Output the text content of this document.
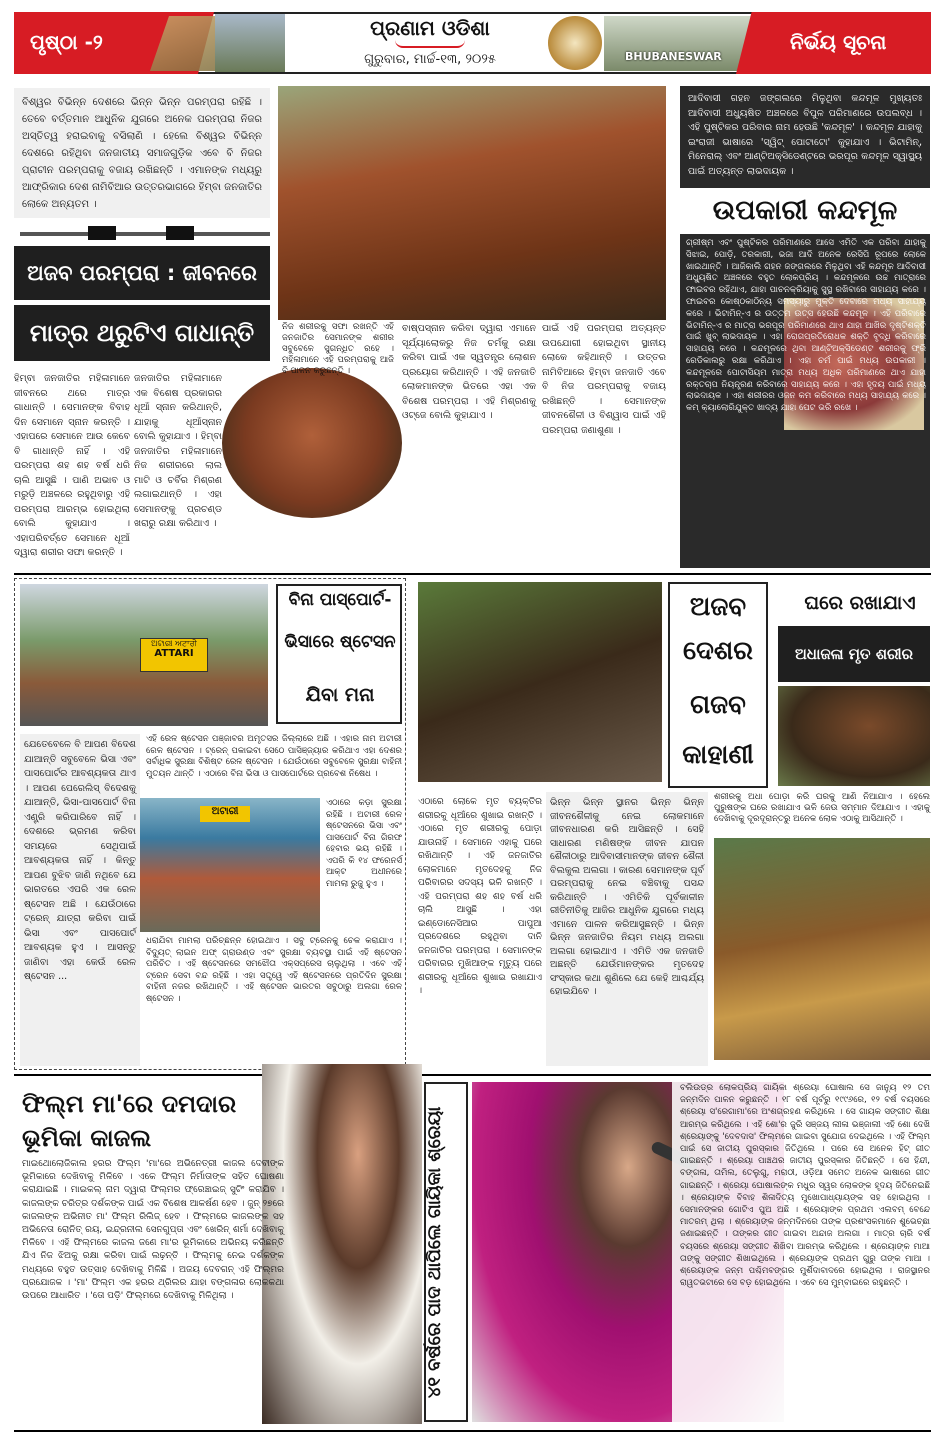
ପୃଷ୍ଠା -୨
ପ୍ରଣାମ ଓଡିଶା
ଗୁରୁବାର, ମାର୍ଚ୍ଚ-୧୩, ୨୦୨୫	BHUBANESWAR
ନିର୍ଭୟ ସୂଚନା
ବିଶ୍ୱର ବିଭିନ୍ନ ଦେଶରେ ଭିନ୍ନ ଭିନ୍ନ ପରମ୍ପରା ରହିଛି । ତେବେ ବର୍ତ୍ତମାନ ଆଧୁନିକ ଯୁଗରେ ଅନେକ ପରମ୍ପରା ନିଜର ଅସ୍ତିତ୍ୱ ହରାଇବାକୁ ବସିଲାଣି । ହେଲେ ବିଶ୍ୱର ବିଭିନ୍ନ ଦେଶରେ ରହିଥିବା ଜନଜାତୀୟ ସମାଜଗୁଡ଼ିକ ଏବେ ବି ନିଜର ପ୍ରାଚୀନ ପରମ୍ପରାକୁ ବଜାୟ ରଖିଛନ୍ତି । ଏମାନଙ୍କ ମଧ୍ୟରୁ ଆଫ୍ରିକାର ଦେଶ ନାମିବିଆର ଉତ୍ତରଭାଗରେ ହିମ୍ବା ଜନଜାତିର ଲୋକେ ଅନ୍ୟତମ ।
ଅଜବ ପରମ୍ପରା : ଜୀବନରେ
ମାତ୍ର ଥରୁଟିଏ ଗାଧାନ୍ତି
ହିମ୍ବା ଜନଜାତିର ମହିଳାମାନେ ଜୀବନରେ ଥରେ ମାତ୍ର ଗାଧାନ୍ତି । ସେମାନଙ୍କ ବିବାହ ଦିନ ସେମାନେ ସ୍ନାନ କରନ୍ତି । ଏହାପରେ ସେମାନେ ଆଉ କେବେ ବି ଗାଧାନ୍ତି ନାହିଁ । ଏହି ପରମ୍ପରା ଶହ ଶହ ବର୍ଷ ଧରି ଚାଲି ଆସୁଛି । ପାଣି ଅଭାବ ଓ ମରୁଡ଼ି ଅଞ୍ଚଳରେ ରହୁଥିବାରୁ ଏହି ପରମ୍ପରା ଆରମ୍ଭ ହୋଇଥିଲା ବୋଲି କୁହାଯାଏ । ଏହାପରିବର୍ତ୍ତେ ସେମାନେ ଧୂଆଁ ଦ୍ୱାରା ଶରୀର ସଫା କରନ୍ତି ।
ଜନଜାତିର ମହିଳାମାନେ ଏକ ବିଶେଷ ପ୍ରକାରର ଧୂଆଁ ସ୍ନାନ କରିଥାନ୍ତି, ଯାହାକୁ ଧୂଆଁସ୍ନାନ ବୋଲି କୁହାଯାଏ । ହିମ୍ବା ଜନଜାତିର ମହିଳାମାନେ ନିଜ ଶରୀରରେ ଲାଲ ମାଟି ଓ ଚର୍ବିର ମିଶ୍ରଣ ଲଗାଇଥାନ୍ତି । ଏହା ସେମାନଙ୍କୁ ପ୍ରଚଣ୍ଡ ଖରାରୁ ରକ୍ଷା କରିଥାଏ ।
ନିଜ ଶରୀରକୁ ସଫା ରଖନ୍ତି ଏହି ଜନଜାତିର ସେମାନଙ୍କ ଶରୀର ସବୁବେଳେ ସୁଗନ୍ଧିତ ରହେ । ମହିଳାମାନେ ଏହି ପରମ୍ପରାକୁ ଆଜି ବି ପାଳନ କରୁଛନ୍ତି ।
ବାଷ୍ପସ୍ନାନ କରିବା ଦ୍ୱାରା ଏମାନେ ସୂର୍ଯ୍ୟାଲୋକରୁ ନିଜ ଚର୍ମକୁ ରକ୍ଷା କରିବା ପାଇଁ ଏକ ସ୍ୱତନ୍ତ୍ର ଲୋଶନ ପ୍ରୟୋଗ କରିଥାନ୍ତି । ଏହି ଜନଜାତି ଲୋକମାନଙ୍କ ଭିତରେ ଏହା ଏକ ବିଶେଷ ପରମ୍ପରା । ଏହି ମିଶ୍ରଣକୁ ଓଟ୍ଜେ ବୋଲି କୁହାଯାଏ ।
ପାଇଁ ଏହି ପରମ୍ପରା ଅତ୍ୟନ୍ତ ଉପଯୋଗୀ ହୋଇଥିବା ସ୍ଥାନୀୟ ଲୋକେ କହିଥାନ୍ତି । ଉତ୍ତର ନାମିବିଆରେ ହିମ୍ବା ଜନଜାତି ଏବେ ବି ନିଜ ପରମ୍ପରାକୁ ବଜାୟ ରଖିଛନ୍ତି । ସେମାନଙ୍କ ଜୀବନଶୈଳୀ ଓ ବିଶ୍ୱାସ ପାଇଁ ଏହି ପରମ୍ପରା ଜଣାଶୁଣା ।
ଆଦିବାସୀ ଗହନ ଜଙ୍ଗଲରେ ମିଳୁଥିବା କନ୍ଦମୂଳ ମୁଖ୍ୟତଃ ଆଦିବାସୀ ଅଧ୍ୟୁଷିତ ଅଞ୍ଚଳରେ ବିପୁଳ ପରିମାଣରେ ଉପଲବ୍ଧ । ଏହି ପୁଷ୍ଟିକର ପରିବାର ନାମ ହେଉଛି 'କନ୍ଦମୂଳ' । କନ୍ଦମୂଳ ଯାହାକୁ ଇଂରାଜୀ ଭାଷାରେ 'ସ୍ୱିଟ୍ ପୋଟାଟୋ' କୁହାଯାଏ । ଭିଟାମିନ୍, ମିନେରାଲ୍ ଏବଂ ଆଣ୍ଟିଅକ୍ସିଡେଣ୍ଟରେ ଭରପୂର କନ୍ଦମୂଳ ସ୍ୱାସ୍ଥ୍ୟ ପାଇଁ ଅତ୍ୟନ୍ତ ଲାଭଦାୟକ ।
ଉପକାରୀ କନ୍ଦମୂଳ
ଗ୍ରୀଷ୍ମ ଏବଂ ପୁଷ୍ଟିକର ପରିମାଣରେ ଆସେ ଏମିତି ଏକ ପରିବା ଯାହାକୁ ସିଝାଇ, ପୋଡ଼ି, ତରକାରୀ, ଭଜା ଆଦି ଅନେକ ରେସିପି ରୂପରେ ଲୋକେ ଖାଇଥାନ୍ତି । ଆଜିକାଲି ଗହନ ଜଙ୍ଗଲରେ ମିଳୁଥିବା ଏହି କନ୍ଦମୂଳ ଆଦିବାସୀ ଅଧ୍ୟୁଷିତ ଅଞ୍ଚଳରେ ବହୁତ ଲୋକପ୍ରିୟ । କନ୍ଦମୂଳରେ ଉଚ୍ଚ ମାତ୍ରାରେ ଫାଇବର ରହିଥାଏ, ଯାହା ପାଚନକ୍ରିୟାକୁ ସୁସ୍ଥ ରଖିବାରେ ସାହାଯ୍ୟ କରେ । ଫାଇବର କୋଷ୍ଠକାଠିନ୍ୟ ସମସ୍ୟାରୁ ମୁକ୍ତି ଦେବାରେ ମଧ୍ୟ ସାହାଯ୍ୟ କରେ । ଭିଟାମିନ୍-ଏ ର ଉତ୍ତମ ଉତ୍ସ ହେଉଛି କନ୍ଦମୂଳ । ଏହି ପରିବାରେ ଭିଟାମିନ୍-ଏ ର ମାତ୍ରା ଭରପୂର ପରିମାଣରେ ଥାଏ ଯାହା ଆଖିର ଦୃଷ୍ଟିଶକ୍ତି ପାଇଁ ଖୁବ୍ ଲାଭଦାୟକ । ଏହା ରୋଗପ୍ରତିରୋଧକ ଶକ୍ତି ବୃଦ୍ଧି କରିବାରେ ସାହାଯ୍ୟ କରେ । କନ୍ଦମୂଳରେ ଥିବା ଆଣ୍ଟିଅକ୍ସିଡେଣ୍ଟ ଶରୀରକୁ ଫ୍ରି ରେଡିକାଲରୁ ରକ୍ଷା କରିଥାଏ । ଏହା ଚର୍ମ ପାଇଁ ମଧ୍ୟ ଉପକାରୀ । କନ୍ଦମୂଳରେ ପୋଟାସିୟମ ମାତ୍ରା ମଧ୍ୟ ଅଧିକ ପରିମାଣରେ ଥାଏ ଯାହା ରକ୍ତଚାପ ନିୟନ୍ତ୍ରଣ କରିବାରେ ସାହାଯ୍ୟ କରେ । ଏହା ହୃଦୟ ପାଇଁ ମଧ୍ୟ ଲାଭଦାୟକ । ଏହା ଶରୀରର ଓଜନ କମ କରିବାରେ ମଧ୍ୟ ସାହାଯ୍ୟ କରେ । କମ୍ କ୍ୟାଲୋରିଯୁକ୍ତ ଖାଦ୍ୟ ଯାହା ପେଟ ଭରି ରଖେ ।
ଅଟାରୀ ਅਟਾਰੀ
ATTARI
ବିନା ପାସ୍‌ପୋର୍ଟ-
ଭିସାରେ ଷ୍ଟେସନ
ଯିବା ମନା
ଯେତେବେଳେ ବି ଆପଣ ବିଦେଶ ଯାଆନ୍ତି ସବୁବେଳେ ଭିସା ଏବଂ ପାସପୋର୍ଟର ଆବଶ୍ୟକତା ଥାଏ । ଆପଣ ପେରେଲିସ୍ ବିଦେଶକୁ ଯାଆନ୍ତି, ଭିସା-ପାସପୋର୍ଟ ବିନା ଏଣ୍ଟ୍ରି କରିପାରିବେ ନାହିଁ । ଦେଶରେ ଭ୍ରମଣ କରିବା ସମୟରେ ସେଥିପାଇଁ ଆବଶ୍ୟକତା ନାହିଁ । କିନ୍ତୁ ଆପଣ ବୁଝିବ ଜାଣି ନଥିବେ ଯେ ଭାରତରେ ଏପରି ଏକ ରେଳ ଷ୍ଟେସନ ଅଛି । ଯେଉଁଠାରେ ଟ୍ରେନ୍ ଯାତ୍ରା କରିବା ପାଇଁ ଭିସା ଏବଂ ପାସପୋର୍ଟ ଆବଶ୍ୟକ ହୁଏ । ଆସନ୍ତୁ ଜାଣିବା ଏହା କେଉଁ ରେଳ ଷ୍ଟେସନ ...
ଏହି ରେଳ ଷ୍ଟେସନ ପଞ୍ଜାବର ଅମୃତସର ଜିଲ୍ଲାରେ ଅଛି । ଏହାର ନାମ ଅଟାରୀ ରେଳ ଷ୍ଟେସନ । ଟ୍ରେନ୍ ପକାଇବା ସେଠେ ପାସିଞ୍ଜ୍ୟାର କରିଥାଏ ଏହା ଦେଶର ସର୍ବାଧିକ ସୁରକ୍ଷା ବିଶିଷ୍ଟ ରେଳ ଷ୍ଟେସନ । ଯେଉଁଠାରେ ସବୁବେଳେ ସୁରକ୍ଷା ବାହିନୀ ମୁତୟନ ଥାନ୍ତି । ଏଠାରେ ବିନା ଭିସା ଓ ପାସପୋର୍ଟରେ ପ୍ରବେଶ ନିଷେଧ ।
ଅଟାରୀ
ଏଠାରେ କଡ଼ା ସୁରକ୍ଷା ରହିଛି । ଅଟାରୀ ରେଳ ଷ୍ଟେସନରେ ଭିସା ଏବଂ ପାସପୋର୍ଟ ବିନା ଗିରଫ ହେବାର ଭୟ ରହିଛି । ଏପରି କି ୧୪ ଫରେନର୍ସ ଆକ୍ଟ ଅଧୀନରେ ମାମଲା ରୁଜୁ ହୁଏ ।
ଧରାଯିବା ମାମଲା ପରିଚ୍ଛନ୍ନ ହୋଇଥାଏ । ସବୁ ଟ୍ରେନକୁ ଚେକ କରାଯାଏ । ବିଦ୍ୟୁତ୍ ଲାଇନ ଅଫ୍ ଗ୍ରାଉଣ୍ଡ ଏବଂ ସୁରକ୍ଷା ବ୍ୟବସ୍ଥା ପାଇଁ ଏହି ଷ୍ଟେସନ ପରିଚିତ । ଏହି ଷ୍ଟେସନରେ ସମଝୌତା ଏକ୍ସପ୍ରେସ ଚାଲୁଥିଲା । ଏବେ ଏହି ଟ୍ରେନ ସେବା ବନ୍ଦ ରହିଛି । ଏହା ସତ୍ତ୍ୱେ ଏହି ଷ୍ଟେସନରେ ପ୍ରତିଦିନ ସୁରକ୍ଷା ବାହିନୀ ନଜର ରଖିଥାନ୍ତି । ଏହି ଷ୍ଟେସନ ଭାରତର ସବୁଠାରୁ ଅଲଗା ରେଳ ଷ୍ଟେସନ ।
ଅଜବ
ଦେଶର
ଗଜବ
କାହାଣୀ
ଘରେ ରଖାଯାଏ
ଅଧାଜଳା ମୃତ ଶରୀର
ଏଠାରେ ଲୋକେ ମୃତ ବ୍ୟକ୍ତିର ଶରୀରକୁ ଧୂଆଁରେ ଶୁଖାଇ ରଖନ୍ତି । ଏଠାରେ ମୃତ ଶରୀରକୁ ପୋଡ଼ା ଯାଉନାହିଁ । ସେମାନେ ଏହାକୁ ଘରେ ରଖିଥାନ୍ତି । ଏହି ଜନଜାତିର ଲୋକମାନେ ମୃତଦେହକୁ ନିଜ ପରିବାରର ସଦସ୍ୟ ଭଳି ରଖନ୍ତି । ଏହି ପରମ୍ପରା ଶହ ଶହ ବର୍ଷ ଧରି ଚାଲି ଆସୁଛି । ଏହା ଇଣ୍ଡୋନେସିଆର ପାପୁଆ ପ୍ରଦେଶରେ ରହୁଥିବା ଦାନି ଜନଜାତିର ପରମ୍ପରା । ସେମାନଙ୍କ ପରିବାରର ମୁଖିଆଙ୍କ ମୃତ୍ୟୁ ପରେ ଶରୀରକୁ ଧୂଆଁରେ ଶୁଖାଇ ରଖାଯାଏ ।
ଭିନ୍ନ ଭିନ୍ନ ସ୍ଥାନର ଭିନ୍ନ ଭିନ୍ନ ଜୀବନଶୈଳୀକୁ ନେଇ ଲୋକମାନେ ଜୀବନଧାରଣ କରି ଆସିଛନ୍ତି । ସେହି ସାଧାରଣ ମଣିଷଙ୍କ ଜୀବନ ଯାପନ ଶୈଳୀଠାରୁ ଆଦିବାସୀମାନଙ୍କ ଜୀବନ ଶୈଳୀ ବିଲକୁଲ ଅଲଗା । କାରଣ ସେମାନଙ୍କ ପୂର୍ବ ପରମ୍ପରାକୁ ନେଇ ବଞ୍ଚିବାକୁ ପସନ୍ଦ କରିଥାନ୍ତି । ଏମିତିକି ପୂର୍ବକାଳୀନ ରୀତିନୀତିକୁ ଆଜିର ଆଧୁନିକ ଯୁଗରେ ମଧ୍ୟ ଏମାନେ ପାଳନ କରିଆସୁଛନ୍ତି । ଭିନ୍ନ ଭିନ୍ନ ଜନଜାତିର ନିୟମ ମଧ୍ୟ ଅଲଗା ଅଲଗା ହୋଇଥାଏ । ଏମିତି ଏକ ଜନଜାତି ଅଛନ୍ତି ଯେଉଁମାନଙ୍କର ମୃତଦେହ ସଂସ୍କାର କଥା ଶୁଣିଲେ ଯେ କେହି ଆଶ୍ଚର୍ଯ୍ୟ ହୋଇଯିବେ ।
ଶରୀରକୁ ଅଧା ପୋଡ଼ା କରି ଘରକୁ ଆଣି ନିଆଯାଏ । ହେଲେ ପୁରୁଷଙ୍କ ଘରେ ରଖାଯାଏ ଭଳି ଜେଉ ସମ୍ମାନ ଦିଆଯାଏ । ଏହାକୁ ଦେଖିବାକୁ ଦୂରଦୂରାନ୍ତରୁ ଅନେକ ଲୋକ ଏଠାକୁ ଆସିଥାନ୍ତି ।
ଫିଲ୍ମ ମା'ରେ ଦମଦାର
ଭୂମିକା କାଜଲ
ମାଇଥୋଲୋଜିକାଲ ହରର ଫିଲ୍ମ 'ମା'ରେ ଅଭିନେତ୍ରୀ କାଜଲ ଦେବୀଙ୍କ ଭୂମିକାରେ ଦେଖିବାକୁ ମିଳିବେ । ଏକେ ଫିଲ୍ମ ନିର୍ମାତାଙ୍କ ସହିତ ଘୋଷଣା କରାଯାଇଛି । ମାଇକଲ୍ ନାମ ଦ୍ୱାରା ଫିଲ୍ମର ଫ୍ରେଞ୍ଚାଇଜ୍ ସୁଟିଂ କରାଯିବ । କାଜଲଙ୍କ ଚରିତ୍ର ଦର୍ଶକଙ୍କ ପାଇଁ ଏକ ବିଶେଷ ଆକର୍ଷଣ ହେବ । ଜୁନ୍ ୨୭ରେ କାଜଲଙ୍କ ଅଭିନୀତ ମା' ଫିଲ୍ମ ରିଲିଜ୍ ହେବ । ଫିଲ୍ମରେ କାଜଲଙ୍କ ସହ ଅଭିନେତା ରୋନିତ୍ ରୟ, ଇନ୍ଦ୍ରନୀଲ ସେନଗୁପ୍ତା ଏବଂ ଖେରିନ୍ ଶର୍ମା ଦେଖିବାକୁ ମିଳିବେ । ଏହି ଫିଲ୍ମରେ କାଜଲ ଜଣେ ମା'ର ଭୂମିକାରେ ଅଭିନୟ କରିଛନ୍ତି ଯିଏ ନିଜ ଝିଅକୁ ରକ୍ଷା କରିବା ପାଇଁ ଲଢ଼ନ୍ତି । ଫିଲ୍ମକୁ ନେଇ ଦର୍ଶକଙ୍କ ମଧ୍ୟରେ ବହୁତ ଉତ୍ସାହ ଦେଖିବାକୁ ମିଳିଛି । ଅଜୟ ଦେବଗନ୍ ଏହି ଫିଲ୍ମର ପ୍ରଯୋଜକ । 'ମା' ଫିଲ୍ମ ଏକ ହରର ଥ୍ରିଲର ଯାହା ବଙ୍ଗଳାର ଲୋକକଥା ଉପରେ ଆଧାରିତ । 'ତୋ ପଡ଼ି' ଫିଲ୍ମରେ ଦେଖିବାକୁ ମିଳିଥିଲା ।	୪୧ ବର୍ଷରେ ପାଦ ଥାପିଲେ ଗାୟିକା ଶ୍ରେୟା
ବଲିଉଡ୍‌ର ଲୋକପ୍ରିୟ ଗାୟିକା ଶ୍ରେୟା ଘୋଷାଲ ସେ ଜାନ୍ୟୁ ୧୨ ତମ ଜନ୍ମଦିନ ପାଳନ କରୁଛନ୍ତି । ୧୮ ବର୍ଷ ପୂର୍ବରୁ ୧୯୯୬ରେ, ୧୨ ବର୍ଷ ବୟସରେ ଶ୍ରେୟା ସ'ରେଗାମା'ରେ ଅଂଶଗ୍ରହଣ କରିଥିଲେ । ସେ ଗାୟକ ସଙ୍ଗୀତ ଶିକ୍ଷା ଆରମ୍ଭ କରିଥିଲେ । ଏହି ଶୋ'ର ଜୁରି ସଞ୍ଜୟ ଲୀଳା ଭଞ୍ଜାଲୀ ଏହି ଶୋ ଦେଖି ଶ୍ରେୟାଙ୍କୁ 'ଦେବଦାସ' ଫିଲ୍ମରେ ଗାଇବା ସୁଯୋଗ ଦେଇଥିଲେ । ଏହି ଫିଲ୍ମ ପାଇଁ ସେ ଜାତୀୟ ପୁରସ୍କାର ଜିତିଥିଲେ । ପରେ ସେ ଅନେକ ହିଟ୍ ଗୀତ ଗାଇଛନ୍ତି । ଶ୍ରେୟା ପାଞ୍ଚଥର ଜାତୀୟ ପୁରସ୍କାର ଜିତିଛନ୍ତି । ସେ ହିନ୍ଦୀ, ବଙ୍ଗଳା, ତାମିଲ, ତେଲୁଗୁ, ମରାଠୀ, ଓଡ଼ିଆ ସମେତ ଅନେକ ଭାଷାରେ ଗୀତ ଗାଇଛନ୍ତି । ଶ୍ରେୟା ଘୋଷାଲଙ୍କ ମଧୁର ସ୍ୱର ଲୋକଙ୍କ ହୃଦୟ ଜିତିନେଇଛି । ଶ୍ରେୟାଙ୍କ ବିବାହ ଶିଳାଦିତ୍ୟ ମୁଖୋପାଧ୍ୟାୟଙ୍କ ସହ ହୋଇଥିଲା । ସେମାନଙ୍କର ଗୋଟିଏ ପୁଅ ଅଛି । ଶ୍ରେୟାଙ୍କ ପ୍ରଥମ ଏଲବମ୍ ବେନ୍ଦେ ମାତରମ୍ ଥିଲା । ଶ୍ରେୟାଙ୍କ ଜନ୍ମଦିନରେ ତାଙ୍କ ପ୍ରଶଂସକମାନେ ଶୁଭେଚ୍ଛା ଜଣାଇଛନ୍ତି । ତାଙ୍କର ଗୀତ ଗାଇବା ଅନ୍ଦାଜ ଅଲଗା । ମାତ୍ର ଚାରି ବର୍ଷ ବୟସରେ ଶ୍ରେୟା ସଙ୍ଗୀତ ଶିଖିବା ଆରମ୍ଭ କରିଥିଲେ । ଶ୍ରେୟାଙ୍କ ମାଆ ତାଙ୍କୁ ସଙ୍ଗୀତ ଶିଖାଇଥିଲେ । ଶ୍ରେୟାଙ୍କ ପ୍ରଥମ ଗୁରୁ ତାଙ୍କ ମାଆ । ଶ୍ରେୟାଙ୍କ ଜନ୍ମ ପଶ୍ଚିମବଙ୍ଗର ମୁର୍ଶିଦାବାଦରେ ହୋଇଥିଲା । ରାଜସ୍ଥାନର ରାୱତଭଟାରେ ସେ ବଡ଼ ହୋଇଥିଲେ । ଏବେ ସେ ମୁମ୍ବାଇରେ ରହୁଛନ୍ତି ।
